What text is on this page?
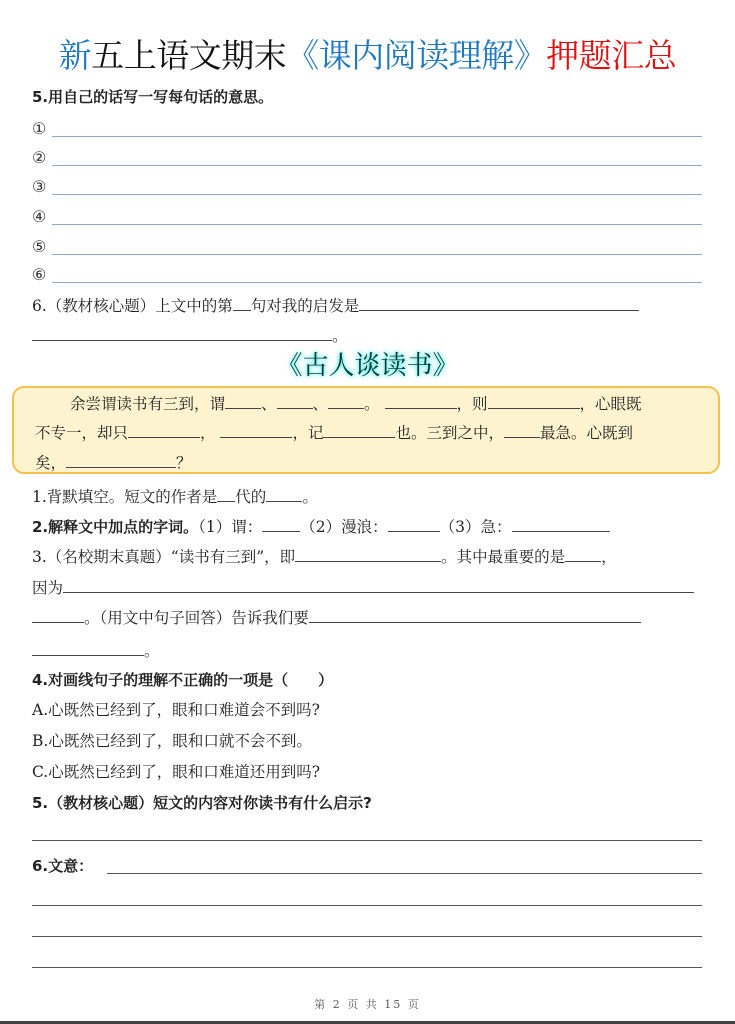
新五上语文期末《课内阅读理解》押题汇总
5.用自己的话写一写每句话的意思。
①
②
③
④
⑤
⑥
6.（教材核心题）上文中的第 句对我的启发是
。
《古人谈读书》
余尝谓读书有三到，谓 、 、 。	，则	，心眼既
不专一，却只	，	，记	也。三到之中， 最急。心既到
矣，	？
1.背默填空。短文的作者是 代的 。
2.解释文中加点的字词。（1）谓： （2）漫浪：	（3）急：
3.（名校期末真题）“读书有三到”，即	。其中最重要的是 ，
因为
。（用文中句子回答）告诉我们要
。
4.对画线句子的理解不正确的一项是（　　）
A.心既然已经到了，眼和口难道会不到吗?
B.心既然已经到了，眼和口就不会不到。
C.心既然已经到了，眼和口难道还用到吗?
5.（教材核心题）短文的内容对你读书有什么启示?
6.文意：
第 2 页 共 15 页
